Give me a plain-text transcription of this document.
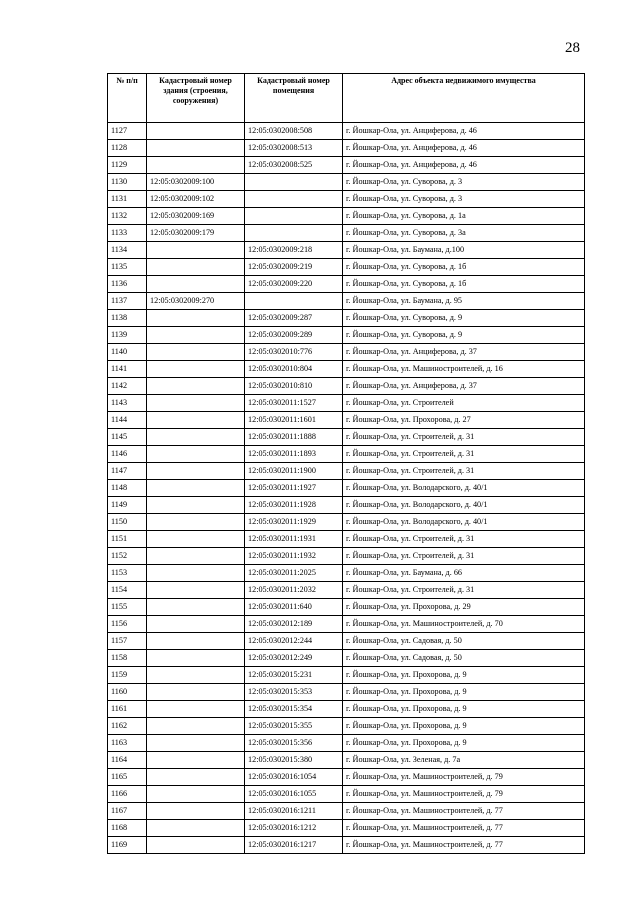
28
№ п/п	Кадастровый номер здания (строения, сооружения)	Кадастровый номер помещения	Адрес объекта недвижимого имущества
1127		12:05:0302008:508	г. Йошкар-Ола, ул. Анциферова, д. 46
1128		12:05:0302008:513	г. Йошкар-Ола, ул. Анциферова, д. 46
1129		12:05:0302008:525	г. Йошкар-Ола, ул. Анциферова, д. 46
1130	12:05:0302009:100		г. Йошкар-Ола, ул. Суворова, д. 3
1131	12:05:0302009:102		г. Йошкар-Ола, ул. Суворова, д. 3
1132	12:05:0302009:169		г. Йошкар-Ола, ул. Суворова, д. 1а
1133	12:05:0302009:179		г. Йошкар-Ола, ул. Суворова, д. 3а
1134		12:05:0302009:218	г. Йошкар-Ола, ул. Баумана, д.100
1135		12:05:0302009:219	г. Йошкар-Ола, ул. Суворова, д. 1б
1136		12:05:0302009:220	г. Йошкар-Ола, ул. Суворова, д. 1б
1137	12:05:0302009:270		г. Йошкар-Ола, ул. Баумана, д. 95
1138		12:05:0302009:287	г. Йошкар-Ола, ул. Суворова, д. 9
1139		12:05:0302009:289	г. Йошкар-Ола, ул. Суворова, д. 9
1140		12:05:0302010:776	г. Йошкар-Ола, ул. Анциферова, д. 37
1141		12:05:0302010:804	г. Йошкар-Ола, ул. Машиностроителей, д. 16
1142		12:05:0302010:810	г. Йошкар-Ола, ул. Анциферова, д. 37
1143		12:05:0302011:1527	г. Йошкар-Ола, ул. Строителей
1144		12:05:0302011:1601	г. Йошкар-Ола, ул. Прохорова, д. 27
1145		12:05:0302011:1888	г. Йошкар-Ола, ул. Строителей, д. 31
1146		12:05:0302011:1893	г. Йошкар-Ола, ул. Строителей, д. 31
1147		12:05:0302011:1900	г. Йошкар-Ола, ул. Строителей, д. 31
1148		12:05:0302011:1927	г. Йошкар-Ола, ул. Володарского, д. 40/1
1149		12:05:0302011:1928	г. Йошкар-Ола, ул. Володарского, д. 40/1
1150		12:05:0302011:1929	г. Йошкар-Ола, ул. Володарского, д. 40/1
1151		12:05:0302011:1931	г. Йошкар-Ола, ул. Строителей, д. 31
1152		12:05:0302011:1932	г. Йошкар-Ола, ул. Строителей, д. 31
1153		12:05:0302011:2025	г. Йошкар-Ола, ул. Баумана, д. 66
1154		12:05:0302011:2032	г. Йошкар-Ола, ул. Строителей, д. 31
1155		12:05:0302011:640	г. Йошкар-Ола, ул. Прохорова, д. 29
1156		12:05:0302012:189	г. Йошкар-Ола, ул. Машиностроителей, д. 70
1157		12:05:0302012:244	г. Йошкар-Ола, ул. Садовая, д. 50
1158		12:05:0302012:249	г. Йошкар-Ола, ул. Садовая, д. 50
1159		12:05:0302015:231	г. Йошкар-Ола, ул. Прохорова, д. 9
1160		12:05:0302015:353	г. Йошкар-Ола, ул. Прохорова, д. 9
1161		12:05:0302015:354	г. Йошкар-Ола, ул. Прохорова, д. 9
1162		12:05:0302015:355	г. Йошкар-Ола, ул. Прохорова, д. 9
1163		12:05:0302015:356	г. Йошкар-Ола, ул. Прохорова, д. 9
1164		12:05:0302015:380	г. Йошкар-Ола, ул. Зеленая, д. 7а
1165		12:05:0302016:1054	г. Йошкар-Ола, ул. Машиностроителей, д. 79
1166		12:05:0302016:1055	г. Йошкар-Ола, ул. Машиностроителей, д. 79
1167		12:05:0302016:1211	г. Йошкар-Ола, ул. Машиностроителей, д. 77
1168		12:05:0302016:1212	г. Йошкар-Ола, ул. Машиностроителей, д. 77
1169		12:05:0302016:1217	г. Йошкар-Ола, ул. Машиностроителей, д. 77
